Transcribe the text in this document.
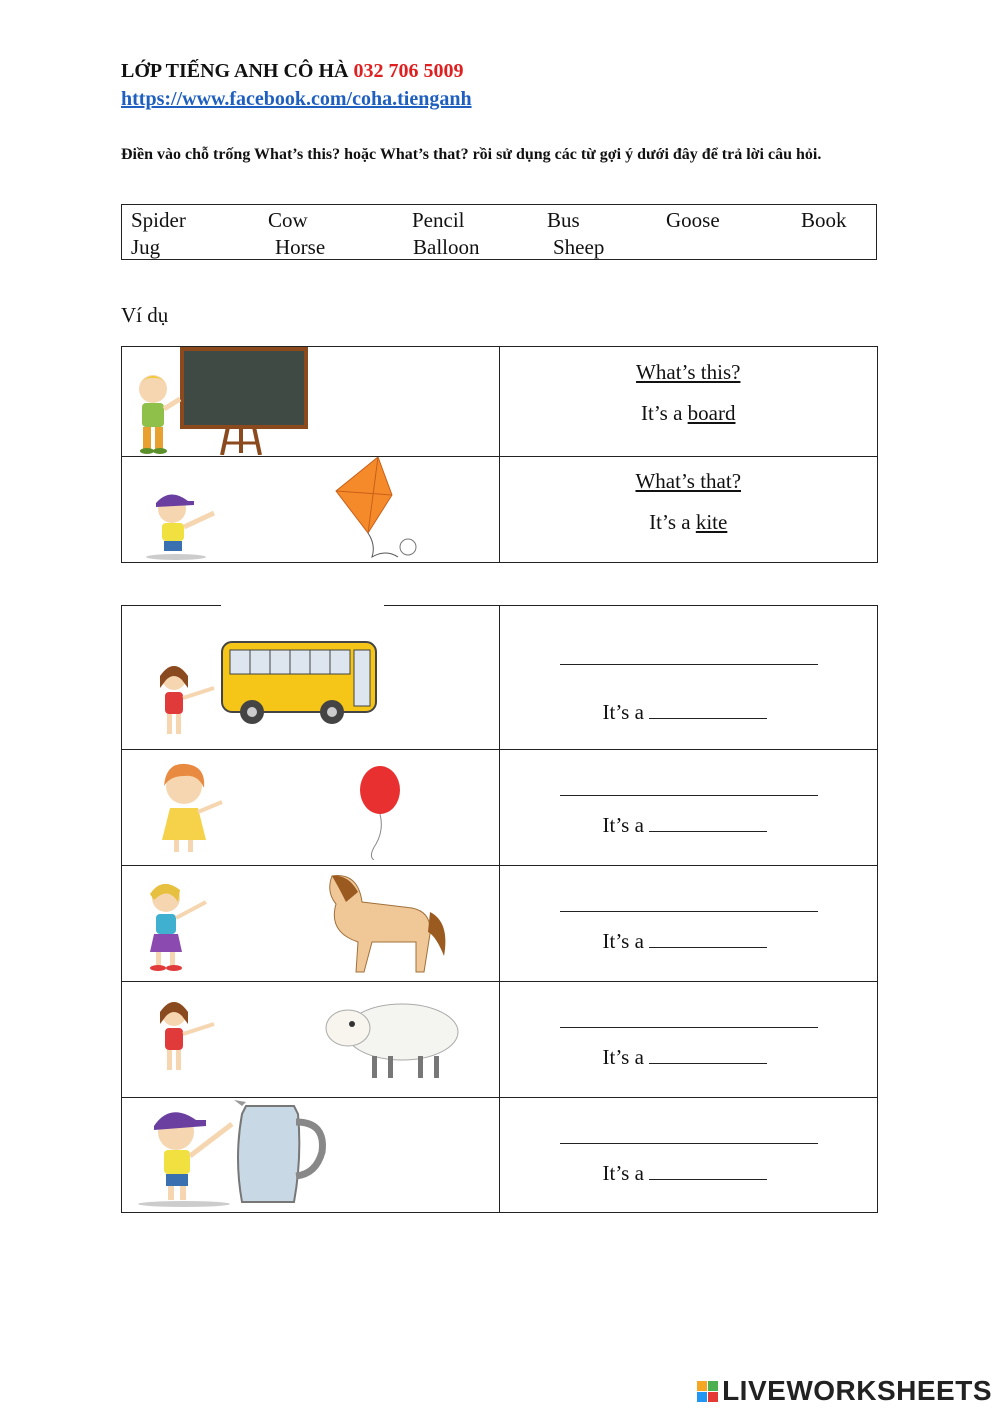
LỚP TIẾNG ANH CÔ HÀ 032 706 5009
https://www.facebook.com/coha.tienganh
Điền vào chỗ trống What’s this? hoặc What’s that? rồi sử dụng các từ gợi ý dưới đây để trả lời câu hỏi.
Spider	Cow	Pencil	Bus	Goose	Book
Jug	Horse	Balloon	Sheep
Ví dụ

What’s this?
It’s a board

What’s that?
It’s a kite

It’s a

It’s a

It’s a

It’s a

It’s a
LIVEWORKSHEETS
